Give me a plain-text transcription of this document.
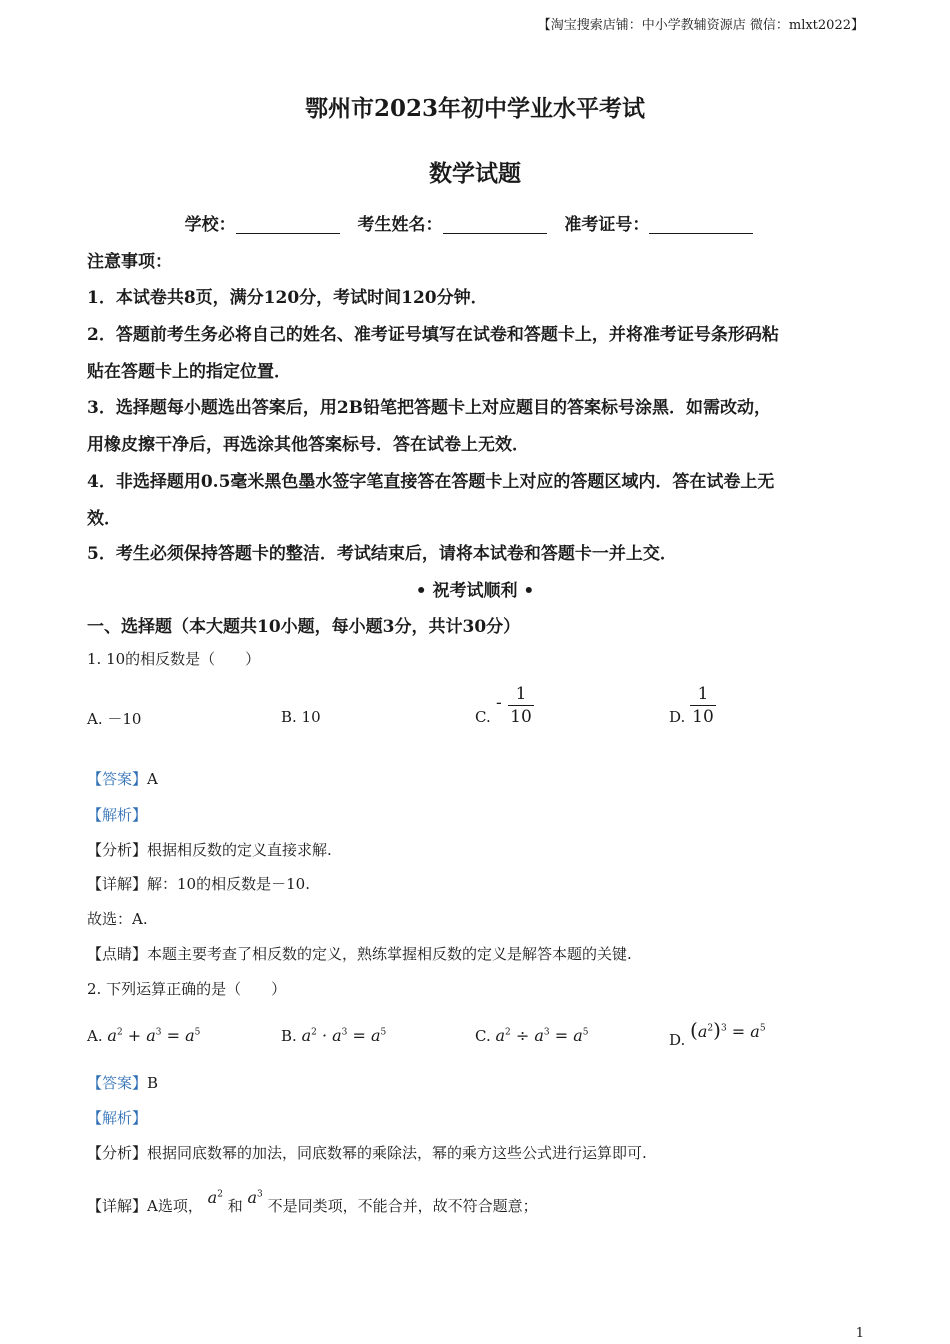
【淘宝搜索店铺：中小学教辅资源店 微信：mlxt2022】
鄂州市2023年初中学业水平考试
数学试题
学校：	考生姓名：	准考证号：
注意事项：
1．本试卷共8页，满分120分，考试时间120分钟．
2．答题前考生务必将自己的姓名、准考证号填写在试卷和答题卡上，并将准考证号条形码粘
贴在答题卡上的指定位置．
3．选择题每小题选出答案后，用2B铅笔把答题卡上对应题目的答案标号涂黑．如需改动，
用橡皮擦干净后，再选涂其他答案标号．答在试卷上无效．
4．非选择题用0.5毫米黑色墨水签字笔直接答在答题卡上对应的答题区域内．答在试卷上无
效．
5．考生必须保持答题卡的整洁．考试结束后，请将本试卷和答题卡一并上交．
• 祝考试顺利 •
一、选择题（本大题共10小题，每小题3分，共计30分）
1. 10的相反数是（　　）
A. －10	B. 10	C.
- $\frac{1}{10}$	D. $\frac{1}{10}$
【答案】A
【解析】
【分析】根据相反数的定义直接求解.
【详解】解：10的相反数是－10.
故选：A.
【点睛】本题主要考查了相反数的定义，熟练掌握相反数的定义是解答本题的关键.
2. 下列运算正确的是（　　）
A. $a^2 + a^3 = a^5$	B. $a^2 \cdot a^3 = a^5$	C. $a^2 \div a^3 = a^5$	D. $(a^2)^3 = a^5$
【答案】B
【解析】
【分析】根据同底数幂的加法，同底数幂的乘除法，幂的乘方这些公式进行运算即可.
【详解】A选项， $a^2$ 和 $a^3$ 不是同类项，不能合并，故不符合题意；
1
